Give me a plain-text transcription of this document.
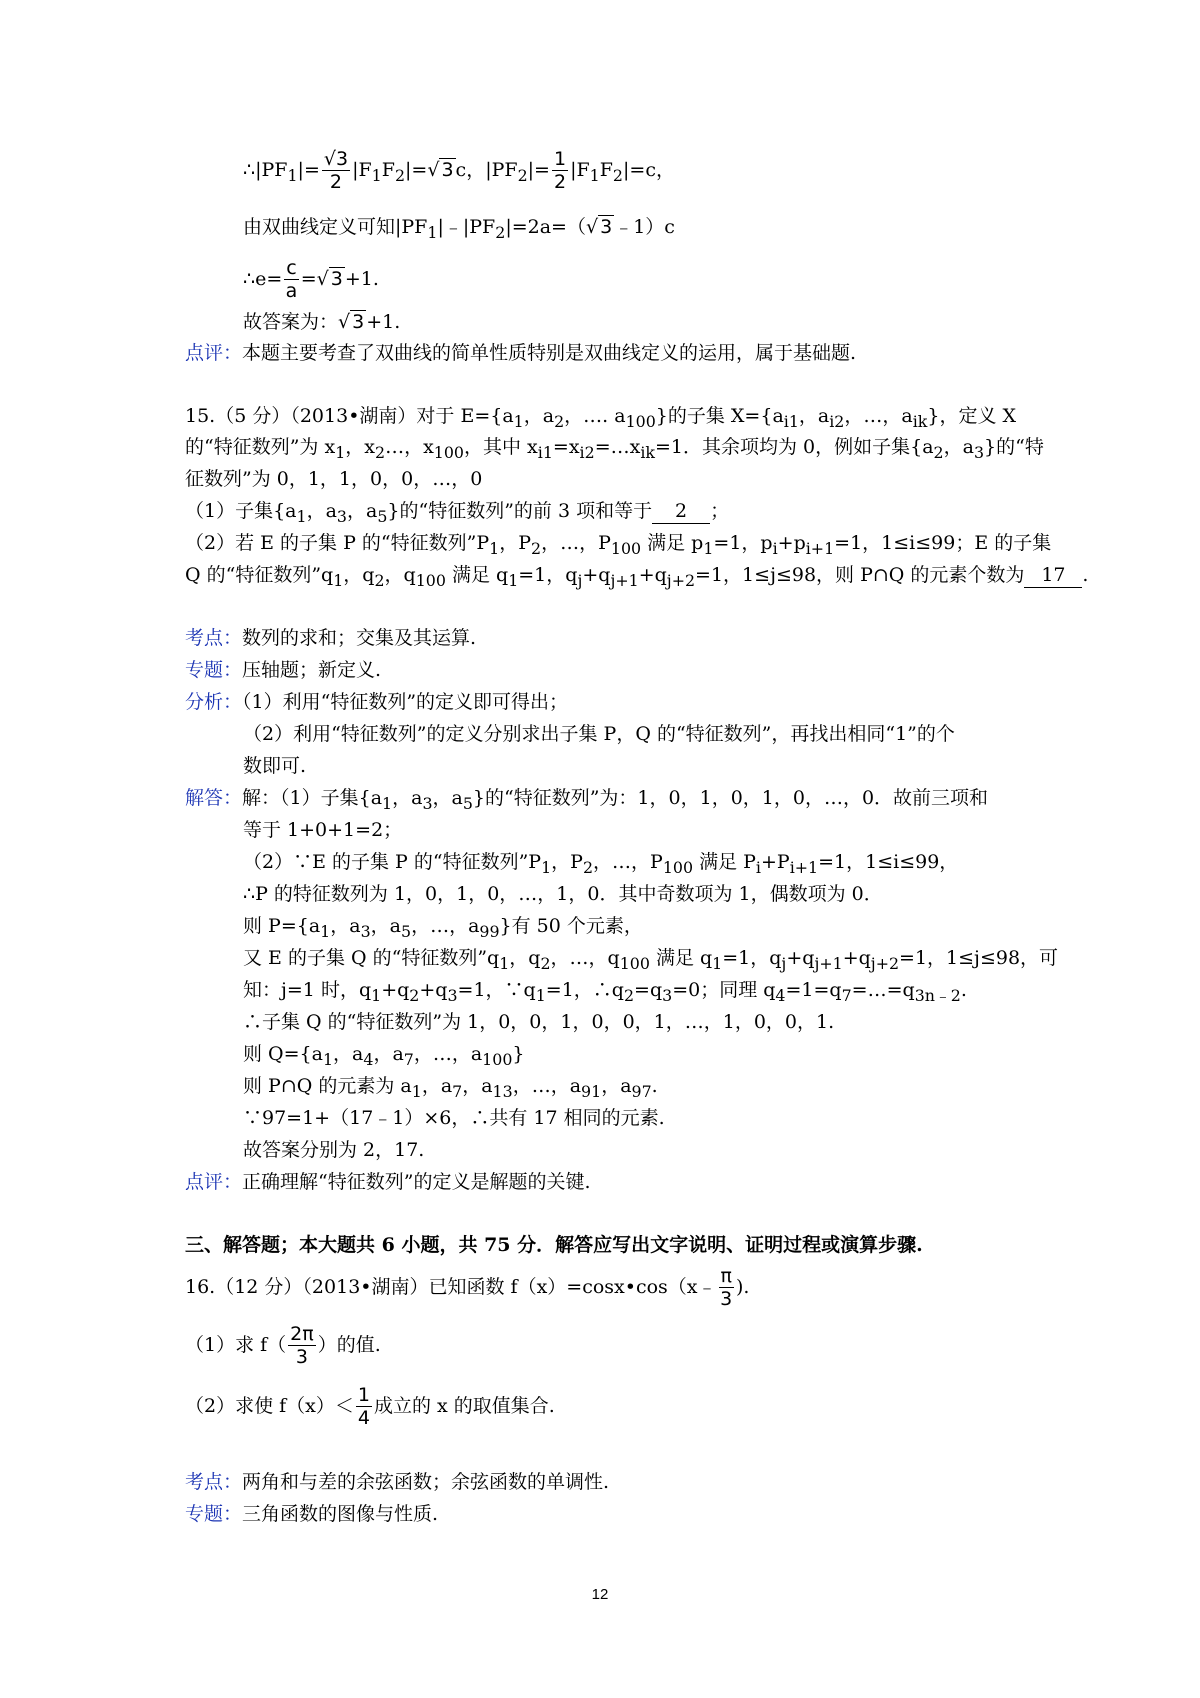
$\therefore|PF_1|= \frac{√3}{2} |F_1F_2|=√$ 3 c，$|PF_2|= \frac{1}{2} |F_1F_2|=c$，
由双曲线定义可知$|PF_1|﹣|PF_2|=2a=(√$ 3 ﹣1）c
∴e= $\frac{c}{a}$ =√ 3 +1.
故答案为：√ 3 +1.
点评：本题主要考查了双曲线的简单性质特别是双曲线定义的运用，属于基础题.
15.（5 分）（2013•湖南）对于 $E=\{a_1$，$a_2$，…. $a_{100}$}的子集 $X=\{a_{i1}$，$a_{i2}$，…，$a_{ik}$}，定义 X
的“特征数列”为 $x_1$，$x_2\dots$，$x_{100}$，其中 $x_{i1}=x_{i2}=\dots x_{ik}=1$．其余项均为 0，例如子集{$a_2$，$a_3$}的“特
征数列”为 0，1，1，0，0，…，0
（1）子集{$a_1$，$a_3$，$a_5$}的“特征数列”的前 3 项和等于 2 ；
（2）若 E 的子集 P 的“特征数列$”P_1$，$P_2$，…，$P_{100}$ 满足 $p_1=1$，$p_i+p_{i+1}=1$，1≤i≤99；E 的子集
Q 的“特征数列$”q_1$，$q_2$，$q_{100}$ 满足 $q_1=1$，$q_j+q_{j+1}+q_{j+2}=1$，1≤j≤98，则 P∩Q 的元素个数为 17 .
考点：数列的求和；交集及其运算.
专题：压轴题；新定义.
分析：（1）利用“特征数列”的定义即可得出；
（2）利用“特征数列”的定义分别求出子集 P，Q 的“特征数列”，再找出相同“1”的个
数即可.
解答：解：（1）子集{$a_1$，$a_3$，$a_5$}的“特征数列”为：1，0，1，0，1，0，…，0．故前三项和
等于 1+0+1=2；
（2）∵E 的子集 P 的“特征数列$”P_1$，$P_2$，…，$P_{100}$ 满足 $P_i+P_{i+1}=1$，1≤i≤99，
∴P 的特征数列为 1，0，1，0，…，1，0．其中奇数项为 1，偶数项为 0．
则 $P=\{a_1$，$a_3$，$a_5$，…，$a_{99}$}有 50 个元素，
又 E 的子集 Q 的“特征数列$”q_1$，$q_2$，…，$q_{100}$ 满足 $q_1=1$，$q_j+q_{j+1}+q_{j+2}=1$，1≤j≤98，可
知：j=1 时，$q_1+q_2+q_3=1$，$\because q_1=1$，$\therefore q_2=q_3=0$；同理 $q_4=1=q_7=\dots=q_{3n﹣2}$.
∴子集 Q 的“特征数列”为 1，0，0，1，0，0，1，…，1，0，0，1.
则 $Q=\{a_1$，$a_4$，$a_7$，…，$a_{100}$}
则 P∩Q 的元素为 $a_1$，$a_7$，$a_{13}$，…，$a_{91}$，$a_{97}$.
∵97=1+（17﹣1）×6，∴共有 17 相同的元素.
故答案分别为 2，17.
点评：正确理解“特征数列”的定义是解题的关键.
三、解答题；本大题共 6 小题，共 75 分．解答应写出文字说明、证明过程或演算步骤.
16.（12 分）（2013•湖南）已知函数 f（x）=cosx•cos（x﹣ $\frac{\pi}{3}$ ).
（1）求 $f( \frac{2\pi}{3}$ ）的值.
（2）求使 $f(x)< \frac{1}{4}$ 成立的 x 的取值集合.
考点：两角和与差的余弦函数；余弦函数的单调性.
专题：三角函数的图像与性质.
12
